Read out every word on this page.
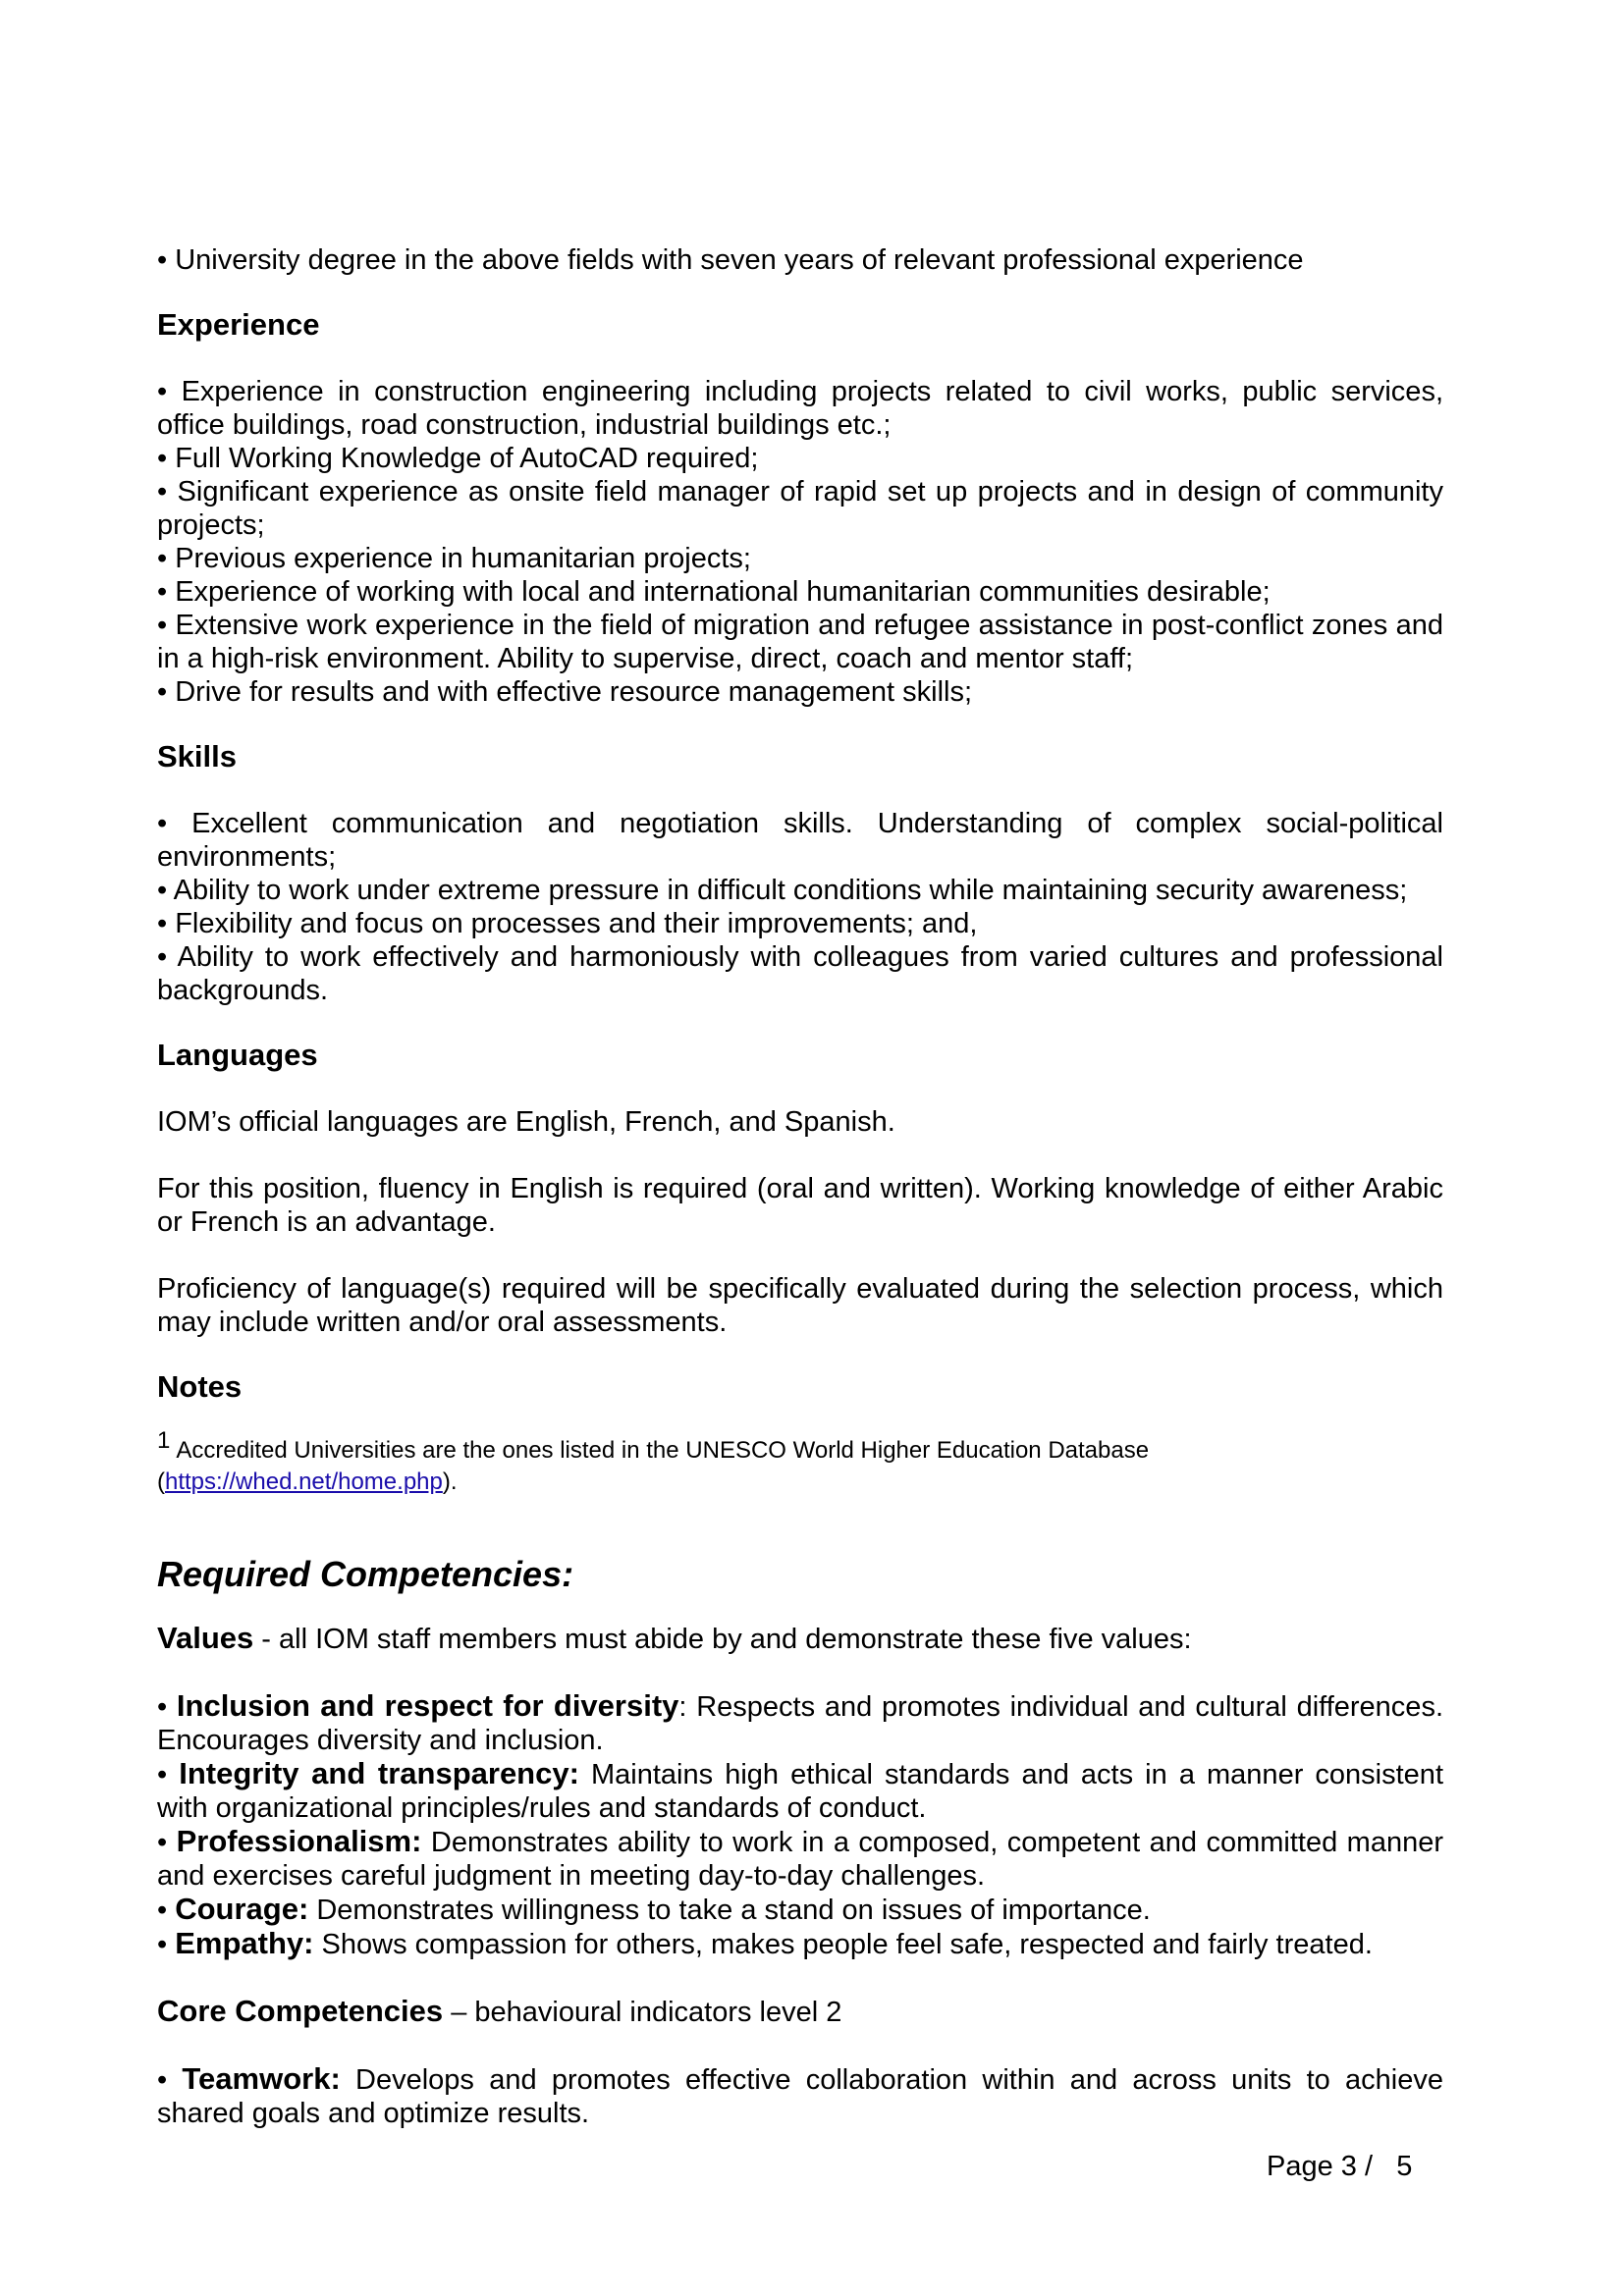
• University degree in the above fields with seven years of relevant professional experience

Experience

• Experience in construction engineering including projects related to civil works, public services, office buildings, road construction, industrial buildings etc.;

• Full Working Knowledge of AutoCAD required;

• Significant experience as onsite field manager of rapid set up projects and in design of community projects;

• Previous experience in humanitarian projects;

• Experience of working with local and international humanitarian communities desirable;

• Extensive work experience in the field of migration and refugee assistance in post-conflict zones and in a high-risk environment. Ability to supervise, direct, coach and mentor staff;

• Drive for results and with effective resource management skills;

Skills

• Excellent communication and negotiation skills. Understanding of complex social-political environments;

• Ability to work under extreme pressure in difficult conditions while maintaining security awareness;

• Flexibility and focus on processes and their improvements; and,

• Ability to work effectively and harmoniously with colleagues from varied cultures and professional backgrounds.

Languages

IOM’s official languages are English, French, and Spanish.

For this position, fluency in English is required (oral and written). Working knowledge of either Arabic or French is an advantage.

Proficiency of language(s) required will be specifically evaluated during the selection process, which may include written and/or oral assessments.

Notes

1 Accredited Universities are the ones listed in the UNESCO World Higher Education Database

(https://whed.net/home.php).

Required Competencies:

Values - all IOM staff members must abide by and demonstrate these five values:

• Inclusion and respect for diversity: Respects and promotes individual and cultural differences. Encourages diversity and inclusion.

• Integrity and transparency: Maintains high ethical standards and acts in a manner consistent with organizational principles/rules and standards of conduct.

• Professionalism: Demonstrates ability to work in a composed, competent and committed manner and exercises careful judgment in meeting day-to-day challenges.

• Courage: Demonstrates willingness to take a stand on issues of importance.

• Empathy: Shows compassion for others, makes people feel safe, respected and fairly treated.

Core Competencies – behavioural indicators level 2

• Teamwork: Develops and promotes effective collaboration within and across units to achieve shared goals and optimize results.

Page 3 /   5
